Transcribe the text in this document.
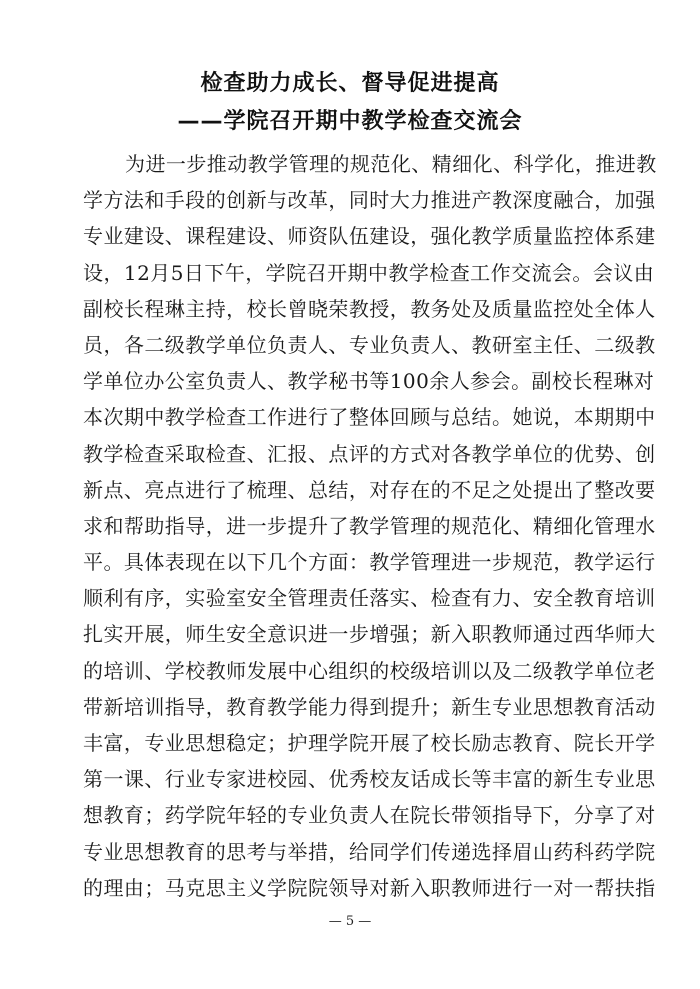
检查助力成长、督导促进提高
——学院召开期中教学检查交流会
为进一步推动教学管理的规范化、精细化、科学化，推进教
学方法和手段的创新与改革，同时大力推进产教深度融合，加强
专业建设、课程建设、师资队伍建设，强化教学质量监控体系建
设，12月5日下午，学院召开期中教学检查工作交流会。会议由
副校长程琳主持，校长曾晓荣教授，教务处及质量监控处全体人
员，各二级教学单位负责人、专业负责人、教研室主任、二级教
学单位办公室负责人、教学秘书等100余人参会。副校长程琳对
本次期中教学检查工作进行了整体回顾与总结。她说，本期期中
教学检查采取检查、汇报、点评的方式对各教学单位的优势、创
新点、亮点进行了梳理、总结，对存在的不足之处提出了整改要
求和帮助指导，进一步提升了教学管理的规范化、精细化管理水
平。具体表现在以下几个方面：教学管理进一步规范，教学运行
顺利有序，实验室安全管理责任落实、检查有力、安全教育培训
扎实开展，师生安全意识进一步增强；新入职教师通过西华师大
的培训、学校教师发展中心组织的校级培训以及二级教学单位老
带新培训指导，教育教学能力得到提升；新生专业思想教育活动
丰富，专业思想稳定；护理学院开展了校长励志教育、院长开学
第一课、行业专家进校园、优秀校友话成长等丰富的新生专业思
想教育；药学院年轻的专业负责人在院长带领指导下，分享了对
专业思想教育的思考与举措，给同学们传递选择眉山药科药学院
的理由；马克思主义学院院领导对新入职教师进行一对一帮扶指
— 5 —
